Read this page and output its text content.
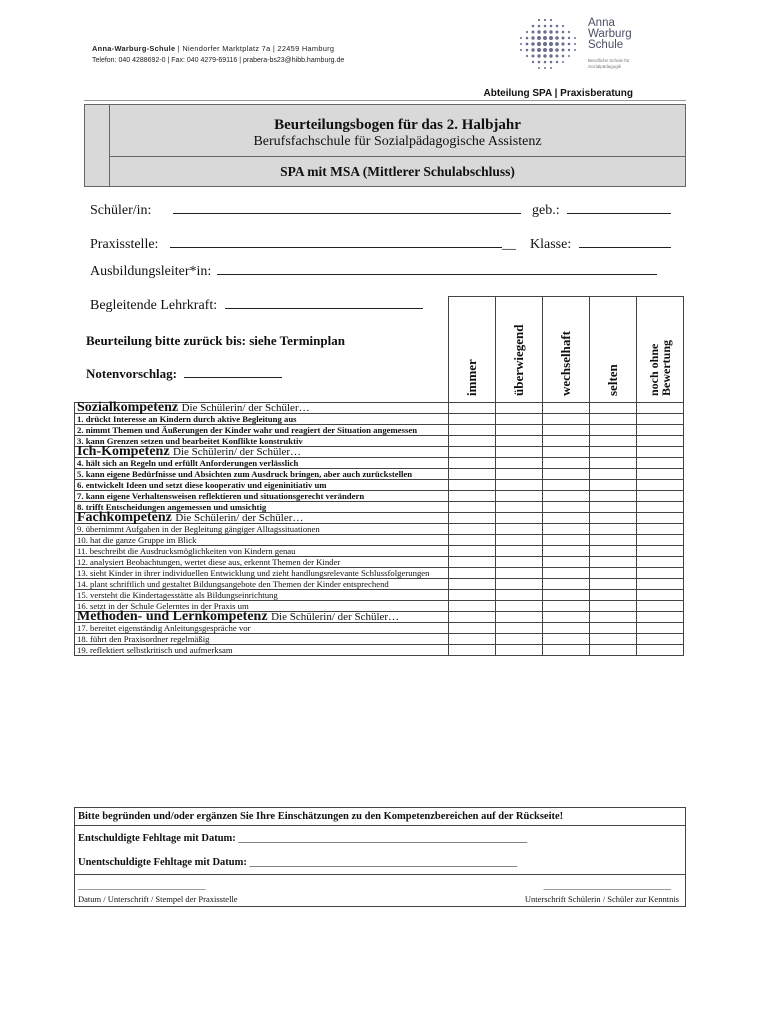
Anna-Warburg-Schule | Niendorfer Marktplatz 7a | 22459 Hamburg
Telefon: 040 4288692-0 | Fax: 040 4279-69116 | prabera-bs23@hibb.hamburg.de
Anna
Warburg
Schule
Berufliche Schule für
Sozialpädagogik
Abteilung SPA | Praxisberatung
Beurteilungsbogen für das 2. Halbjahr
Berufsfachschule für Sozialpädagogische Assistenz
SPA mit MSA (Mittlerer Schulabschluss)
Schüler/in:	geb.:
Praxisstelle:	__ Klasse:
Ausbildungsleiter*in:
Begleitende Lehrkraft:
Beurteilung bitte zurück bis: siehe Terminplan
Notenvorschlag:

	immer	überwiegend	wechselhaft	selten	noch ohne
Bewertung

Sozialkompetenz Die Schülerin/ der Schüler…					
1. drückt Interesse an Kindern durch aktive Begleitung aus					
2. nimmt Themen und Äußerungen der Kinder wahr und reagiert der Situation angemessen					
3. kann Grenzen setzen und bearbeitet Konflikte konstruktiv					
Ich-Kompetenz Die Schülerin/ der Schüler…					
4. hält sich an Regeln und erfüllt Anforderungen verlässlich					
5. kann eigene Bedürfnisse und Absichten zum Ausdruck bringen, aber auch zurückstellen					
6. entwickelt Ideen und setzt diese kooperativ und eigeninitiativ um					
7. kann eigene Verhaltensweisen reflektieren und situationsgerecht verändern					
8. trifft Entscheidungen angemessen und umsichtig					
Fachkompetenz Die Schülerin/ der Schüler…					
9. übernimmt Aufgaben in der Begleitung gängiger Alltagssituationen					
10. hat die ganze Gruppe im Blick					
11. beschreibt die Ausdrucksmöglichkeiten von Kindern genau					
12. analysiert Beobachtungen, wertet diese aus, erkennt Themen der Kinder					
13. sieht Kinder in ihrer individuellen Entwicklung und zieht handlungsrelevante Schlussfolgerungen					
14. plant schriftlich und gestaltet Bildungsangebote den Themen der Kinder entsprechend					
15. versteht die Kindertagesstätte als Bildungseinrichtung					
16. setzt in der Schule Gelerntes in der Praxis um					
Methoden- und Lernkompetenz Die Schülerin/ der Schüler…					
17. bereitet eigenständig Anleitungsgespräche vor					
18. führt den Praxisordner regelmäßig					
19. reflektiert selbstkritisch und aufmerksam					
Bitte begründen und/oder ergänzen Sie Ihre Einschätzungen zu den Kompetenzbereichen auf der Rückseite!
Entschuldigte Fehltage mit Datum: _______________________________________________________
Unentschuldigte Fehltage mit Datum: ___________________________________________________
______________________________	______________________________
Datum / Unterschrift / Stempel der Praxisstelle	Unterschrift Schülerin / Schüler zur Kenntnis
